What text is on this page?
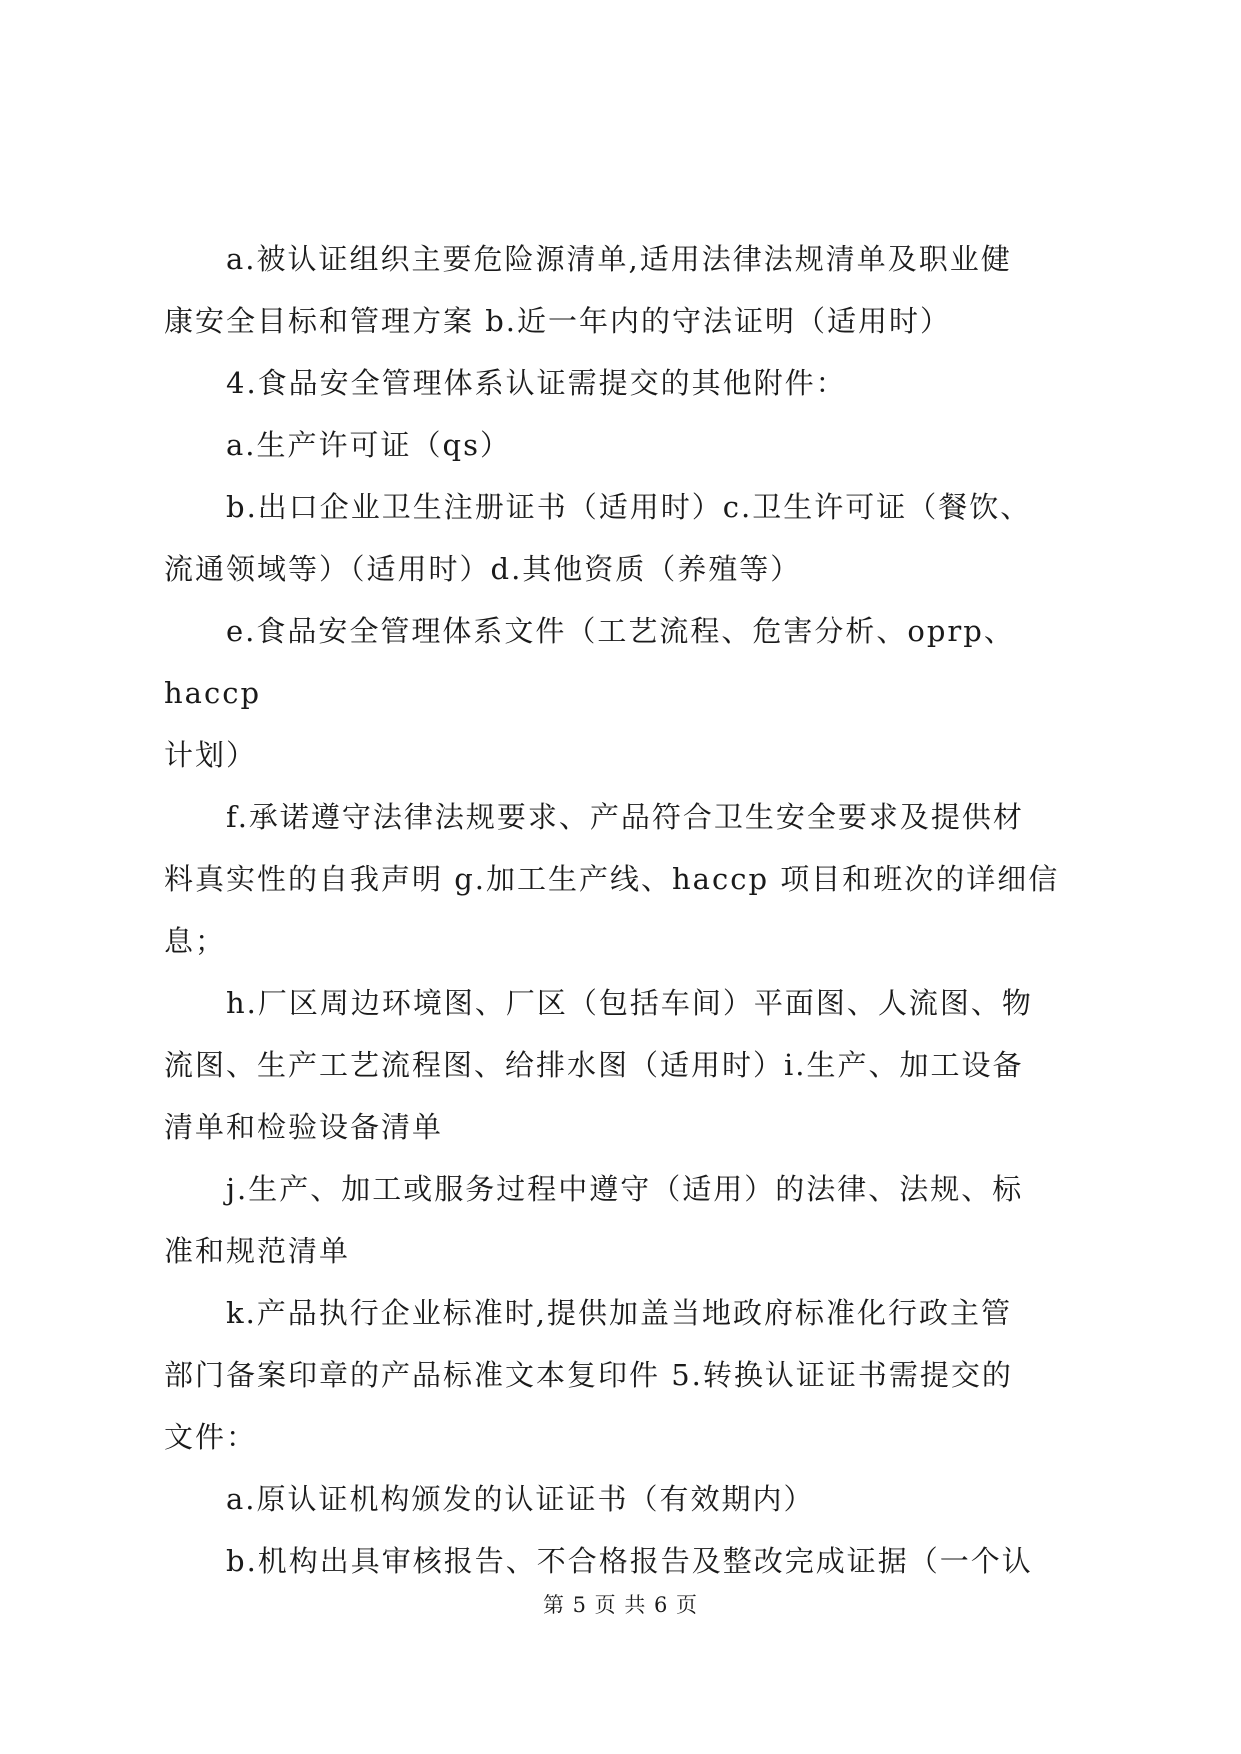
a.被认证组织主要危险源清单,适用法律法规清单及职业健
康安全目标和管理方案 b.近一年内的守法证明（适用时）

4.食品安全管理体系认证需提交的其他附件：

a.生产许可证（qs）

b.出口企业卫生注册证书（适用时）c.卫生许可证（餐饮、
流通领域等）（适用时）d.其他资质（养殖等）

e.食品安全管理体系文件（工艺流程、危害分析、oprp、haccp
计划）

f.承诺遵守法律法规要求、产品符合卫生安全要求及提供材
料真实性的自我声明 g.加工生产线、haccp 项目和班次的详细信
息；

h.厂区周边环境图、厂区（包括车间）平面图、人流图、物
流图、生产工艺流程图、给排水图（适用时）i.生产、加工设备
清单和检验设备清单

j.生产、加工或服务过程中遵守（适用）的法律、法规、标
准和规范清单

k.产品执行企业标准时,提供加盖当地政府标准化行政主管
部门备案印章的产品标准文本复印件 5.转换认证证书需提交的
文件：

a.原认证机构颁发的认证证书（有效期内）

b.机构出具审核报告、不合格报告及整改完成证据（一个认

第 5 页 共 6 页
